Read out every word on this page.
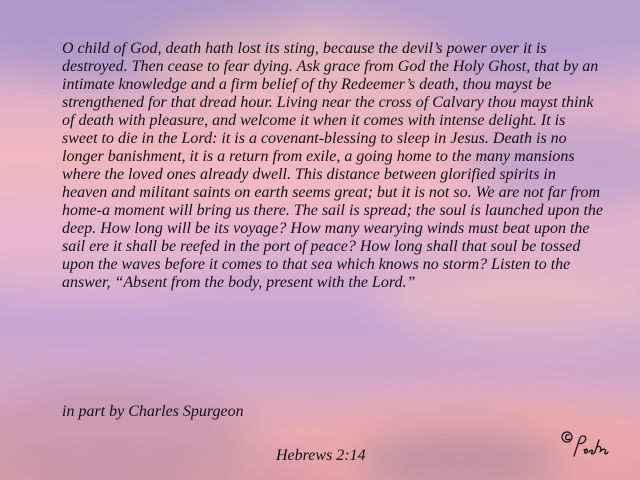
O child of God, death hath lost its sting, because the devil’s power over it is destroyed. Then cease to fear dying. Ask grace from God the Holy Ghost, that by an intimate knowledge and a firm belief of thy Redeemer’s death, thou mayst be strengthened for that dread hour. Living near the cross of Calvary thou mayst think of death with pleasure, and welcome it when it comes with intense delight. It is sweet to die in the Lord: it is a covenant-blessing to sleep in Jesus. Death is no longer banishment, it is a return from exile, a going home to the many mansions where the loved ones already dwell. This distance between glorified spirits in heaven and militant saints on earth seems great; but it is not so. We are not far from home-a moment will bring us there. The sail is spread; the soul is launched upon the deep. How long will be its voyage? How many wearying winds must beat upon the sail ere it shall be reefed in the port of peace? How long shall that soul be tossed upon the waves before it comes to that sea which knows no storm? Listen to the answer, “Absent from the body, present with the Lord.”

in part by Charles Spurgeon

Hebrews 2:14
